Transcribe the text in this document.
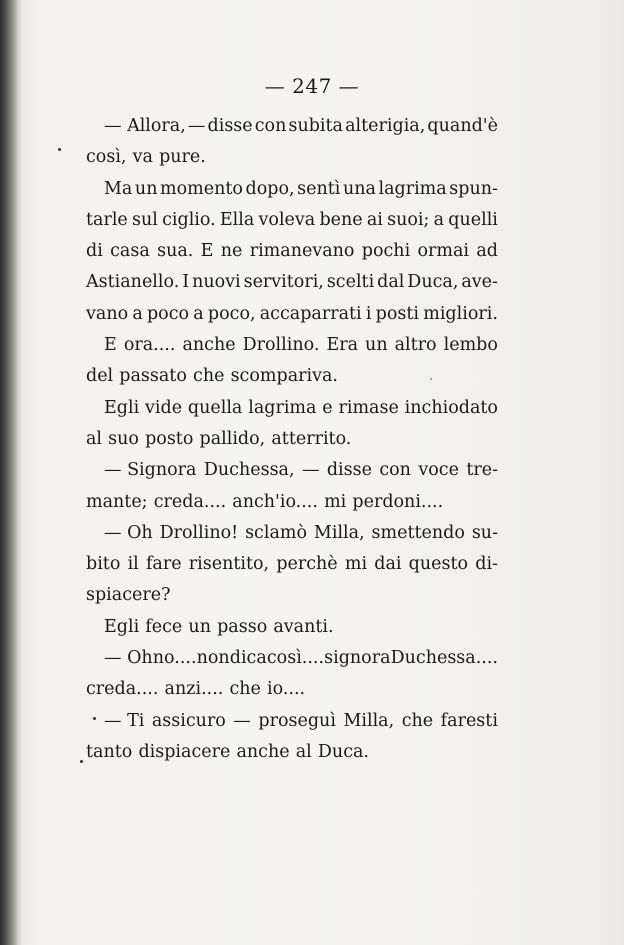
— 247 —
— Allora, — disse con subita alterigia, quand'è
così, va pure.
Ma un momento dopo, sentì una lagrima spun-
tarle sul ciglio. Ella voleva bene ai suoi; a quelli
di casa sua. E ne rimanevano pochi ormai ad
Astianello. I nuovi servitori, scelti dal Duca, ave-
vano a poco a poco, accaparrati i posti migliori.
E ora.... anche Drollino. Era un altro lembo
del passato che scompariva.
Egli vide quella lagrima e rimase inchiodato
al suo posto pallido, atterrito.
— Signora Duchessa, — disse con voce tre-
mante; creda.... anch'io.... mi perdoni....
— Oh Drollino! sclamò Milla, smettendo su-
bito il fare risentito, perchè mi dai questo di-
spiacere?
Egli fece un passo avanti.
— Oh no.... non dica così.... signora Duchessa....
creda.... anzi.... che io....
— Ti assicuro — proseguì Milla, che faresti
tanto dispiacere anche al Duca.
